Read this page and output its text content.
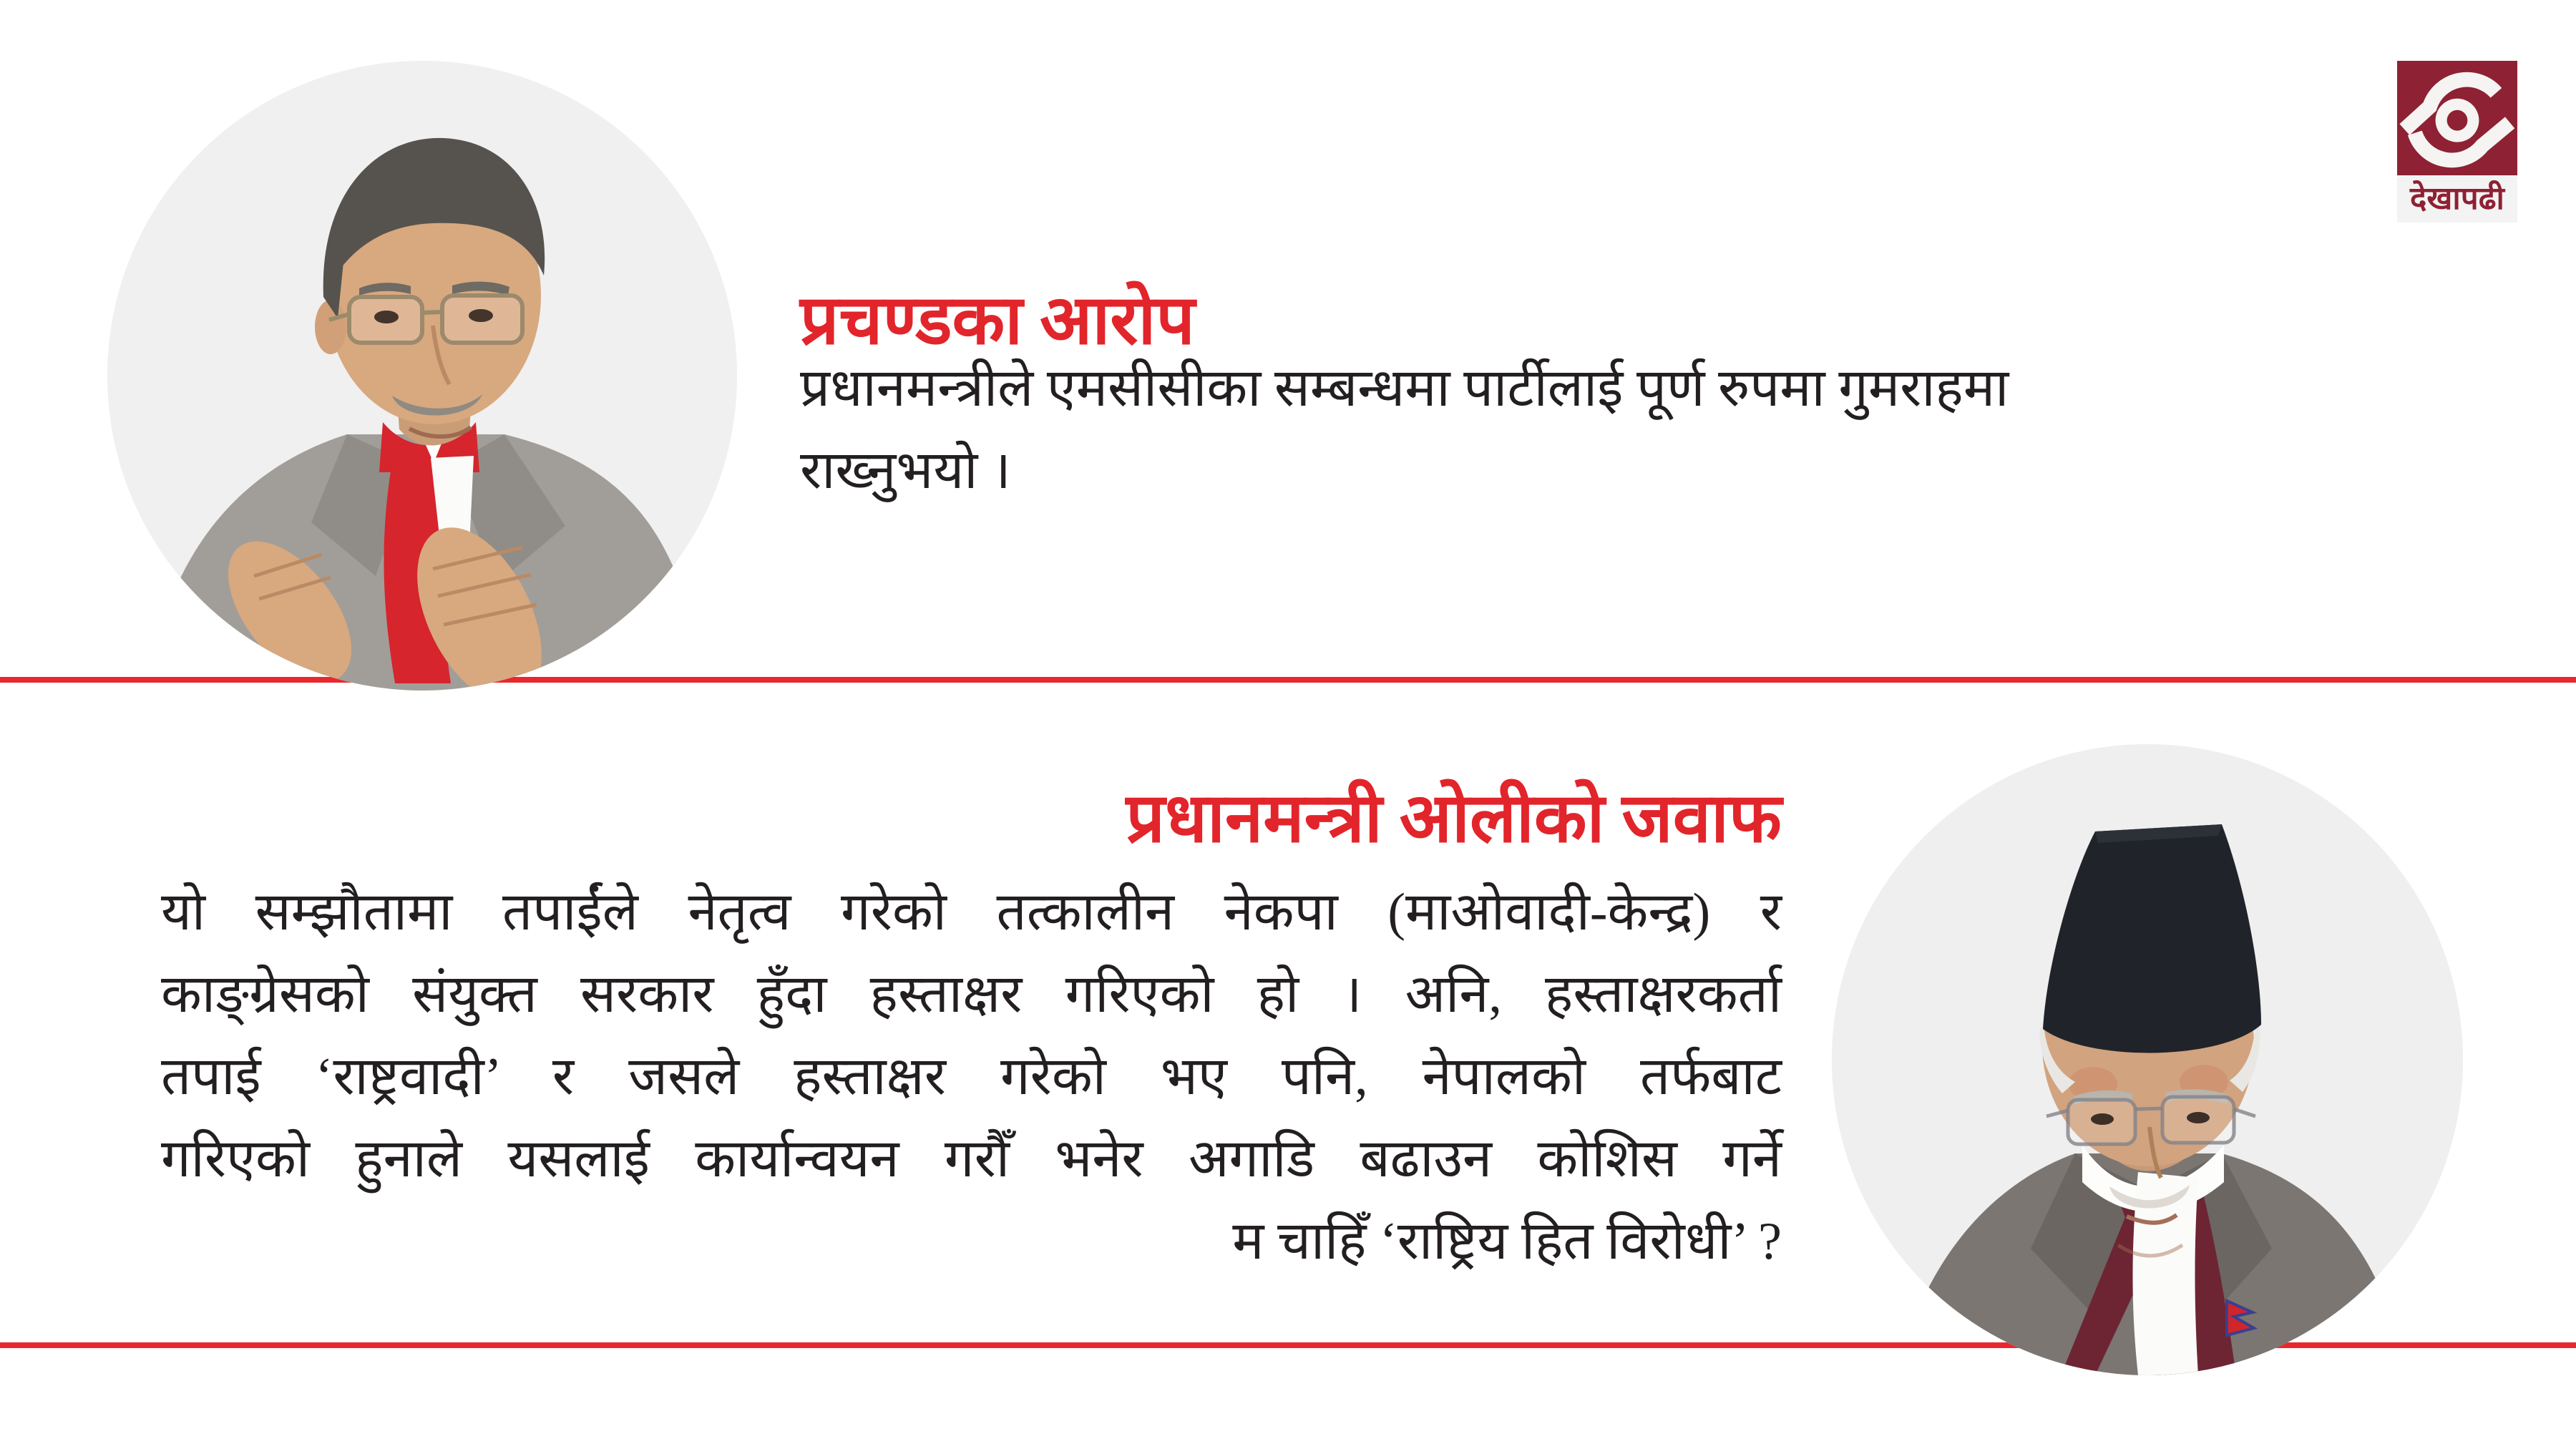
प्रचण्डका आरोप
प्रधानमन्त्रीले एमसीसीका सम्बन्धमा पार्टीलाई पूर्ण रुपमा गुमराहमा
राख्नुभयो ।
प्रधानमन्त्री ओलीको जवाफ
यो सम्झौतामा तपाईंले नेतृत्व गरेको तत्कालीन नेकपा (माओवादी-केन्द्र) र
काङ्ग्रेसको संयुक्त सरकार हुँदा हस्ताक्षर गरिएको हो । अनि, हस्ताक्षरकर्ता
तपाई ‘राष्ट्रवादी’ र जसले हस्ताक्षर गरेको भए पनि, नेपालको तर्फबाट
गरिएको हुनाले यसलाई कार्यान्वयन गरौँ भनेर अगाडि बढाउन कोशिस गर्ने
म चाहिँ ‘राष्ट्रिय हित विरोधी’ ?
देखापढी
